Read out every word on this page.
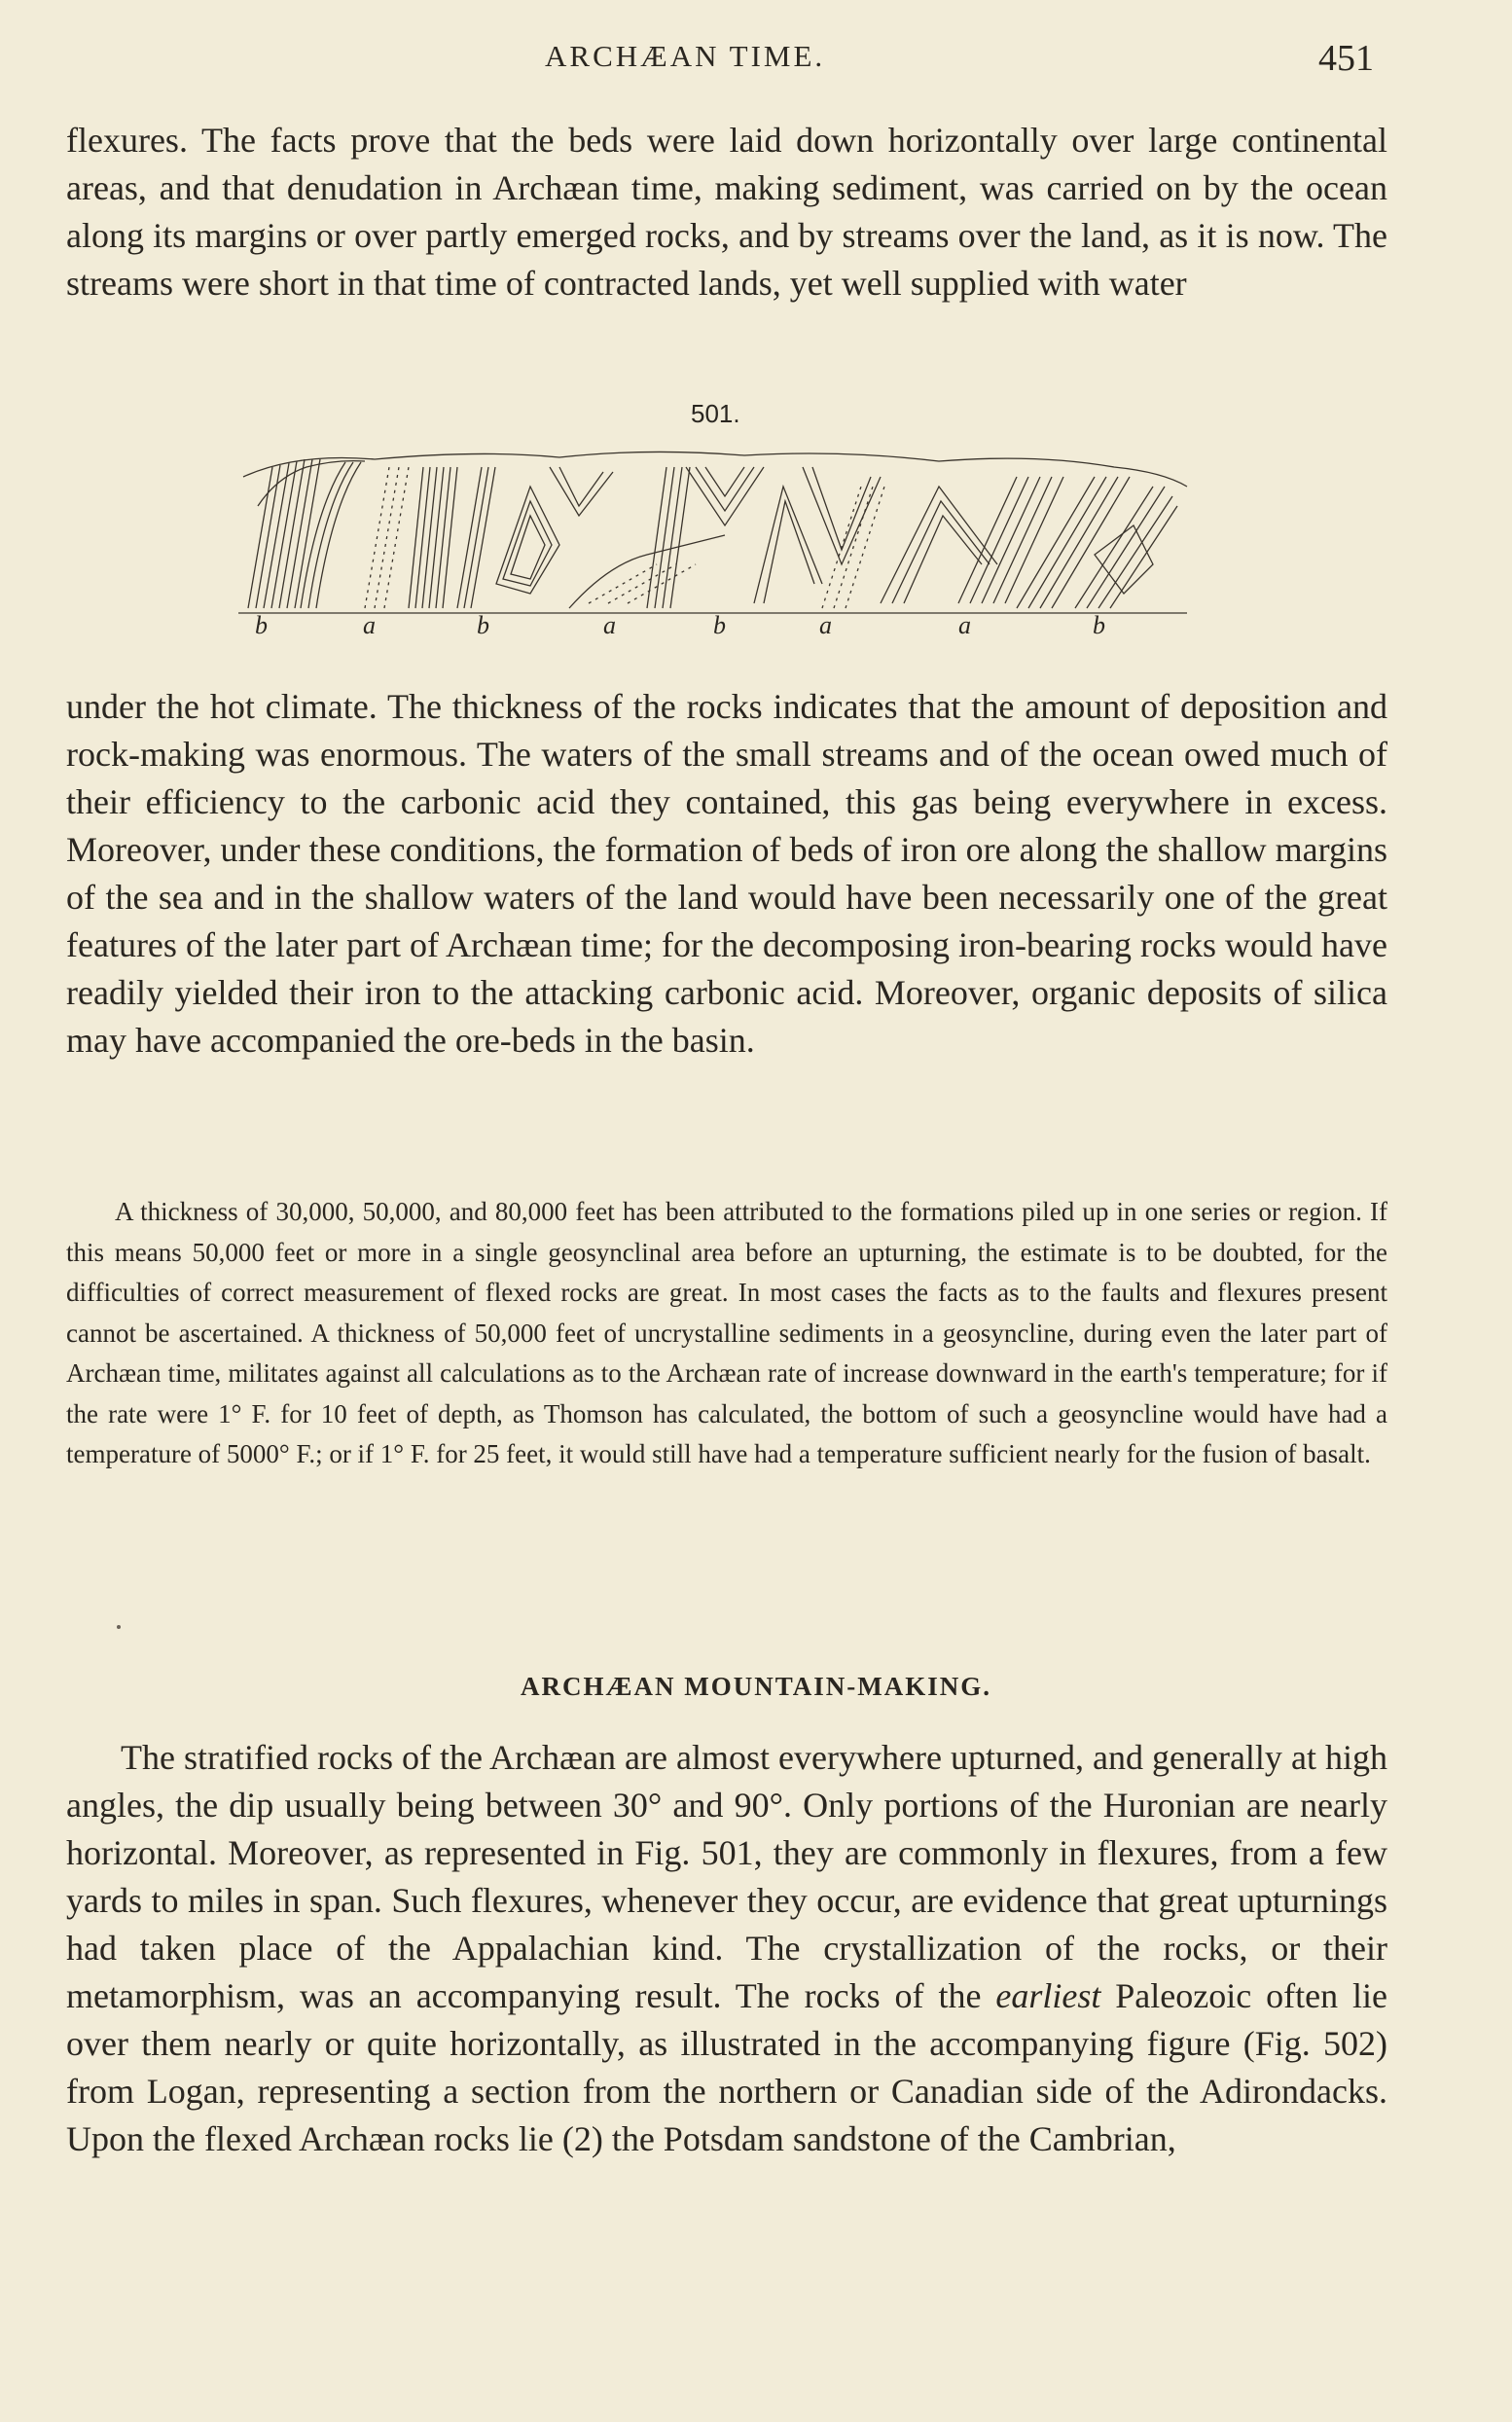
ARCHÆAN TIME.	451

flexures. The facts prove that the beds were laid down horizontally over large continental areas, and that denudation in Archæan time, making sediment, was carried on by the ocean along its margins or over partly emerged rocks, and by streams over the land, as it is now. The streams were short in that time of contracted lands, yet well supplied with water

501.
b	a	b	a	b	a	a	b

under the hot climate. The thickness of the rocks indicates that the amount of deposition and rock-making was enormous. The waters of the small streams and of the ocean owed much of their efficiency to the carbonic acid they contained, this gas being everywhere in excess. Moreover, under these conditions, the formation of beds of iron ore along the shallow margins of the sea and in the shallow waters of the land would have been necessarily one of the great features of the later part of Archæan time; for the decomposing iron-bearing rocks would have readily yielded their iron to the attacking carbonic acid. Moreover, organic deposits of silica may have accompanied the ore-beds in the basin.

A thickness of 30,000, 50,000, and 80,000 feet has been attributed to the formations piled up in one series or region. If this means 50,000 feet or more in a single geosynclinal area before an upturning, the estimate is to be doubted, for the difficulties of correct measurement of flexed rocks are great. In most cases the facts as to the faults and flexures present cannot be ascertained. A thickness of 50,000 feet of uncrystalline sediments in a geosyncline, during even the later part of Archæan time, militates against all calculations as to the Archæan rate of increase downward in the earth's temperature; for if the rate were 1° F. for 10 feet of depth, as Thomson has calculated, the bottom of such a geosyncline would have had a temperature of 5000° F.; or if 1° F. for 25 feet, it would still have had a temperature sufficient nearly for the fusion of basalt.

ARCHÆAN MOUNTAIN-MAKING.

The stratified rocks of the Archæan are almost everywhere upturned, and generally at high angles, the dip usually being between 30° and 90°. Only portions of the Huronian are nearly horizontal. Moreover, as represented in Fig. 501, they are commonly in flexures, from a few yards to miles in span. Such flexures, whenever they occur, are evidence that great upturnings had taken place of the Appalachian kind. The crystallization of the rocks, or their metamorphism, was an accompanying result. The rocks of the earliest Paleozoic often lie over them nearly or quite horizontally, as illustrated in the accompanying figure (Fig. 502) from Logan, representing a section from the northern or Canadian side of the Adirondacks. Upon the flexed Archæan rocks lie (2) the Potsdam sandstone of the Cambrian,
